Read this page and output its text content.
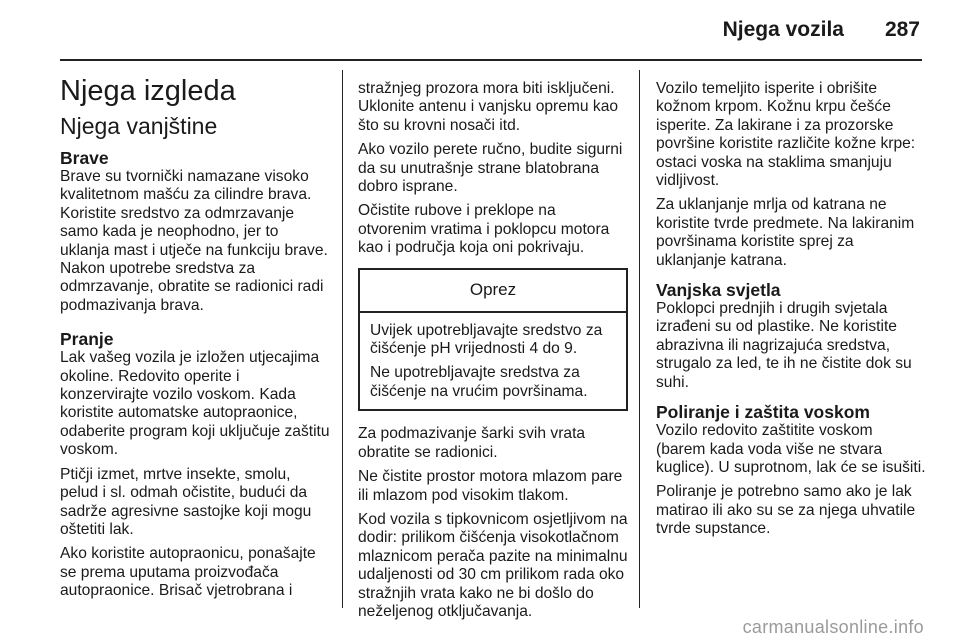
Njega vozila 287
Njega izgleda
Njega vanjštine
Brave

Brave su tvornički namazane visoko kvalitetnom mašću za cilindre brava. Koristite sredstvo za odmrzavanje samo kada je neophodno, jer to uklanja mast i utječe na funkciju brave. Nakon upotrebe sredstva za odmrzavanje, obratite se radionici radi podmazivanja brava.

Pranje

Lak vašeg vozila je izložen utjecajima okoline. Redovito operite i konzervirajte vozilo voskom. Kada koristite automatske autopraonice, odaberite program koji uključuje zaštitu voskom.

Ptičji izmet, mrtve insekte, smolu, pelud i sl. odmah očistite, budući da sadrže agresivne sastojke koji mogu oštetiti lak.

Ako koristite autopraonicu, ponašajte se prema uputama proizvođača autopraonice. Brisač vjetrobrana i

stražnjeg prozora mora biti isključeni. Uklonite antenu i vanjsku opremu kao što su krovni nosači itd.

Ako vozilo perete ručno, budite sigurni da su unutrašnje strane blatobrana dobro isprane.

Očistite rubove i preklope na otvorenim vratima i poklopcu motora kao i područja koja oni pokrivaju.

Oprez

Uvijek upotrebljavajte sredstvo za čišćenje pH vrijednosti 4 do 9.

Ne upotrebljavajte sredstva za čišćenje na vrućim površinama.

Za podmazivanje šarki svih vrata obratite se radionici.

Ne čistite prostor motora mlazom pare ili mlazom pod visokim tlakom.

Kod vozila s tipkovnicom osjetljivom na dodir: prilikom čišćenja visokotlačnom mlaznicom perača pazite na minimalnu udaljenosti od 30 cm prilikom rada oko stražnjih vrata kako ne bi došlo do neželjenog otključavanja.

Vozilo temeljito isperite i obrišite kožnom krpom. Kožnu krpu češće isperite. Za lakirane i za prozorske površine koristite različite kožne krpe: ostaci voska na staklima smanjuju vidljivost.

Za uklanjanje mrlja od katrana ne koristite tvrde predmete. Na lakiranim površinama koristite sprej za uklanjanje katrana.

Vanjska svjetla

Poklopci prednjih i drugih svjetala izrađeni su od plastike. Ne koristite abrazivna ili nagrizajuća sredstva, strugalo za led, te ih ne čistite dok su suhi.

Poliranje i zaštita voskom

Vozilo redovito zaštitite voskom (barem kada voda više ne stvara kuglice). U suprotnom, lak će se isušiti.

Poliranje je potrebno samo ako je lak matirao ili ako su se za njega uhvatile tvrde supstance.

carmanualsonline.info
